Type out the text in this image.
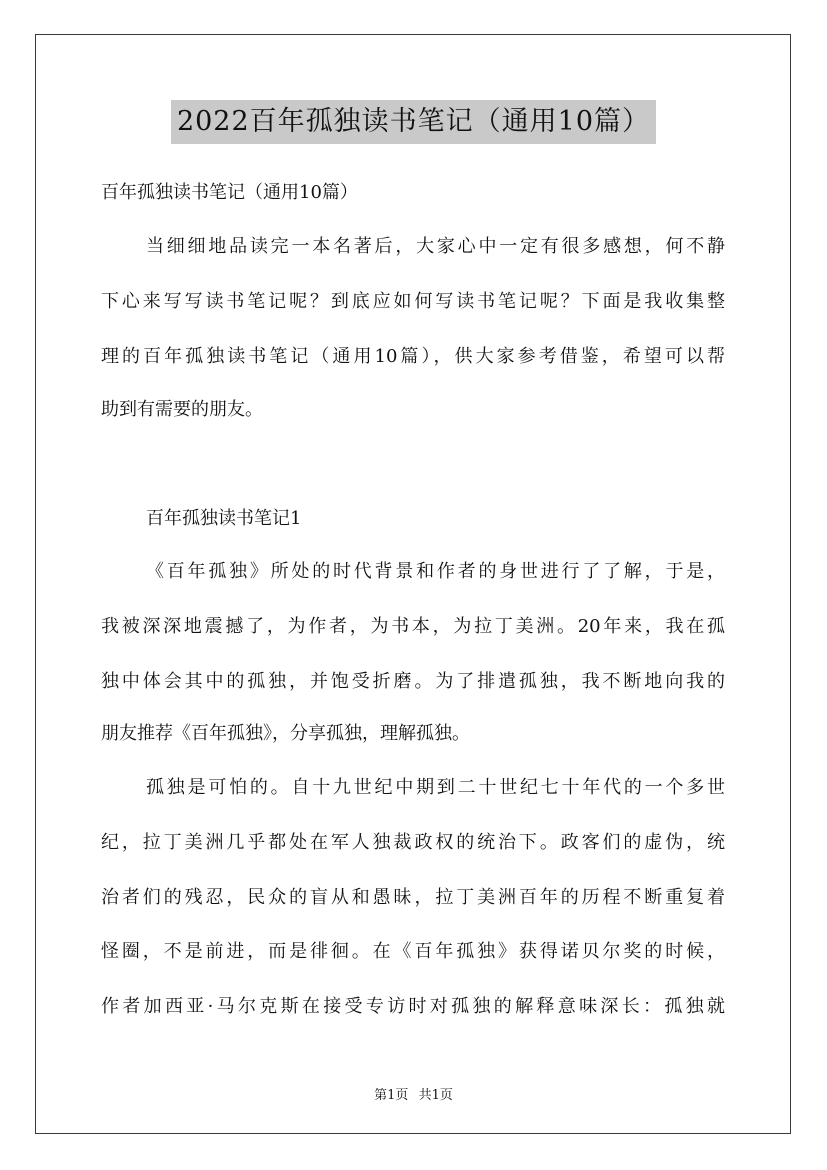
2022百年孤独读书笔记（通用10篇）
百年孤独读书笔记（通用10篇）
当细细地品读完一本名著后，大家心中一定有很多感想，何不静
下心来写写读书笔记呢？到底应如何写读书笔记呢？下面是我收集整
理的百年孤独读书笔记（通用10篇），供大家参考借鉴，希望可以帮
助到有需要的朋友。
百年孤独读书笔记1
《百年孤独》所处的时代背景和作者的身世进行了了解，于是，
我被深深地震撼了，为作者，为书本，为拉丁美洲。20年来，我在孤
独中体会其中的孤独，并饱受折磨。为了排遣孤独，我不断地向我的
朋友推荐《百年孤独》，分享孤独，理解孤独。
孤独是可怕的。自十九世纪中期到二十世纪七十年代的一个多世
纪，拉丁美洲几乎都处在军人独裁政权的统治下。政客们的虚伪，统
治者们的残忍，民众的盲从和愚昧，拉丁美洲百年的历程不断重复着
怪圈，不是前进，而是徘徊。在《百年孤独》获得诺贝尔奖的时候，
作者加西亚·马尔克斯在接受专访时对孤独的解释意味深长：孤独就
第1页 共1页
